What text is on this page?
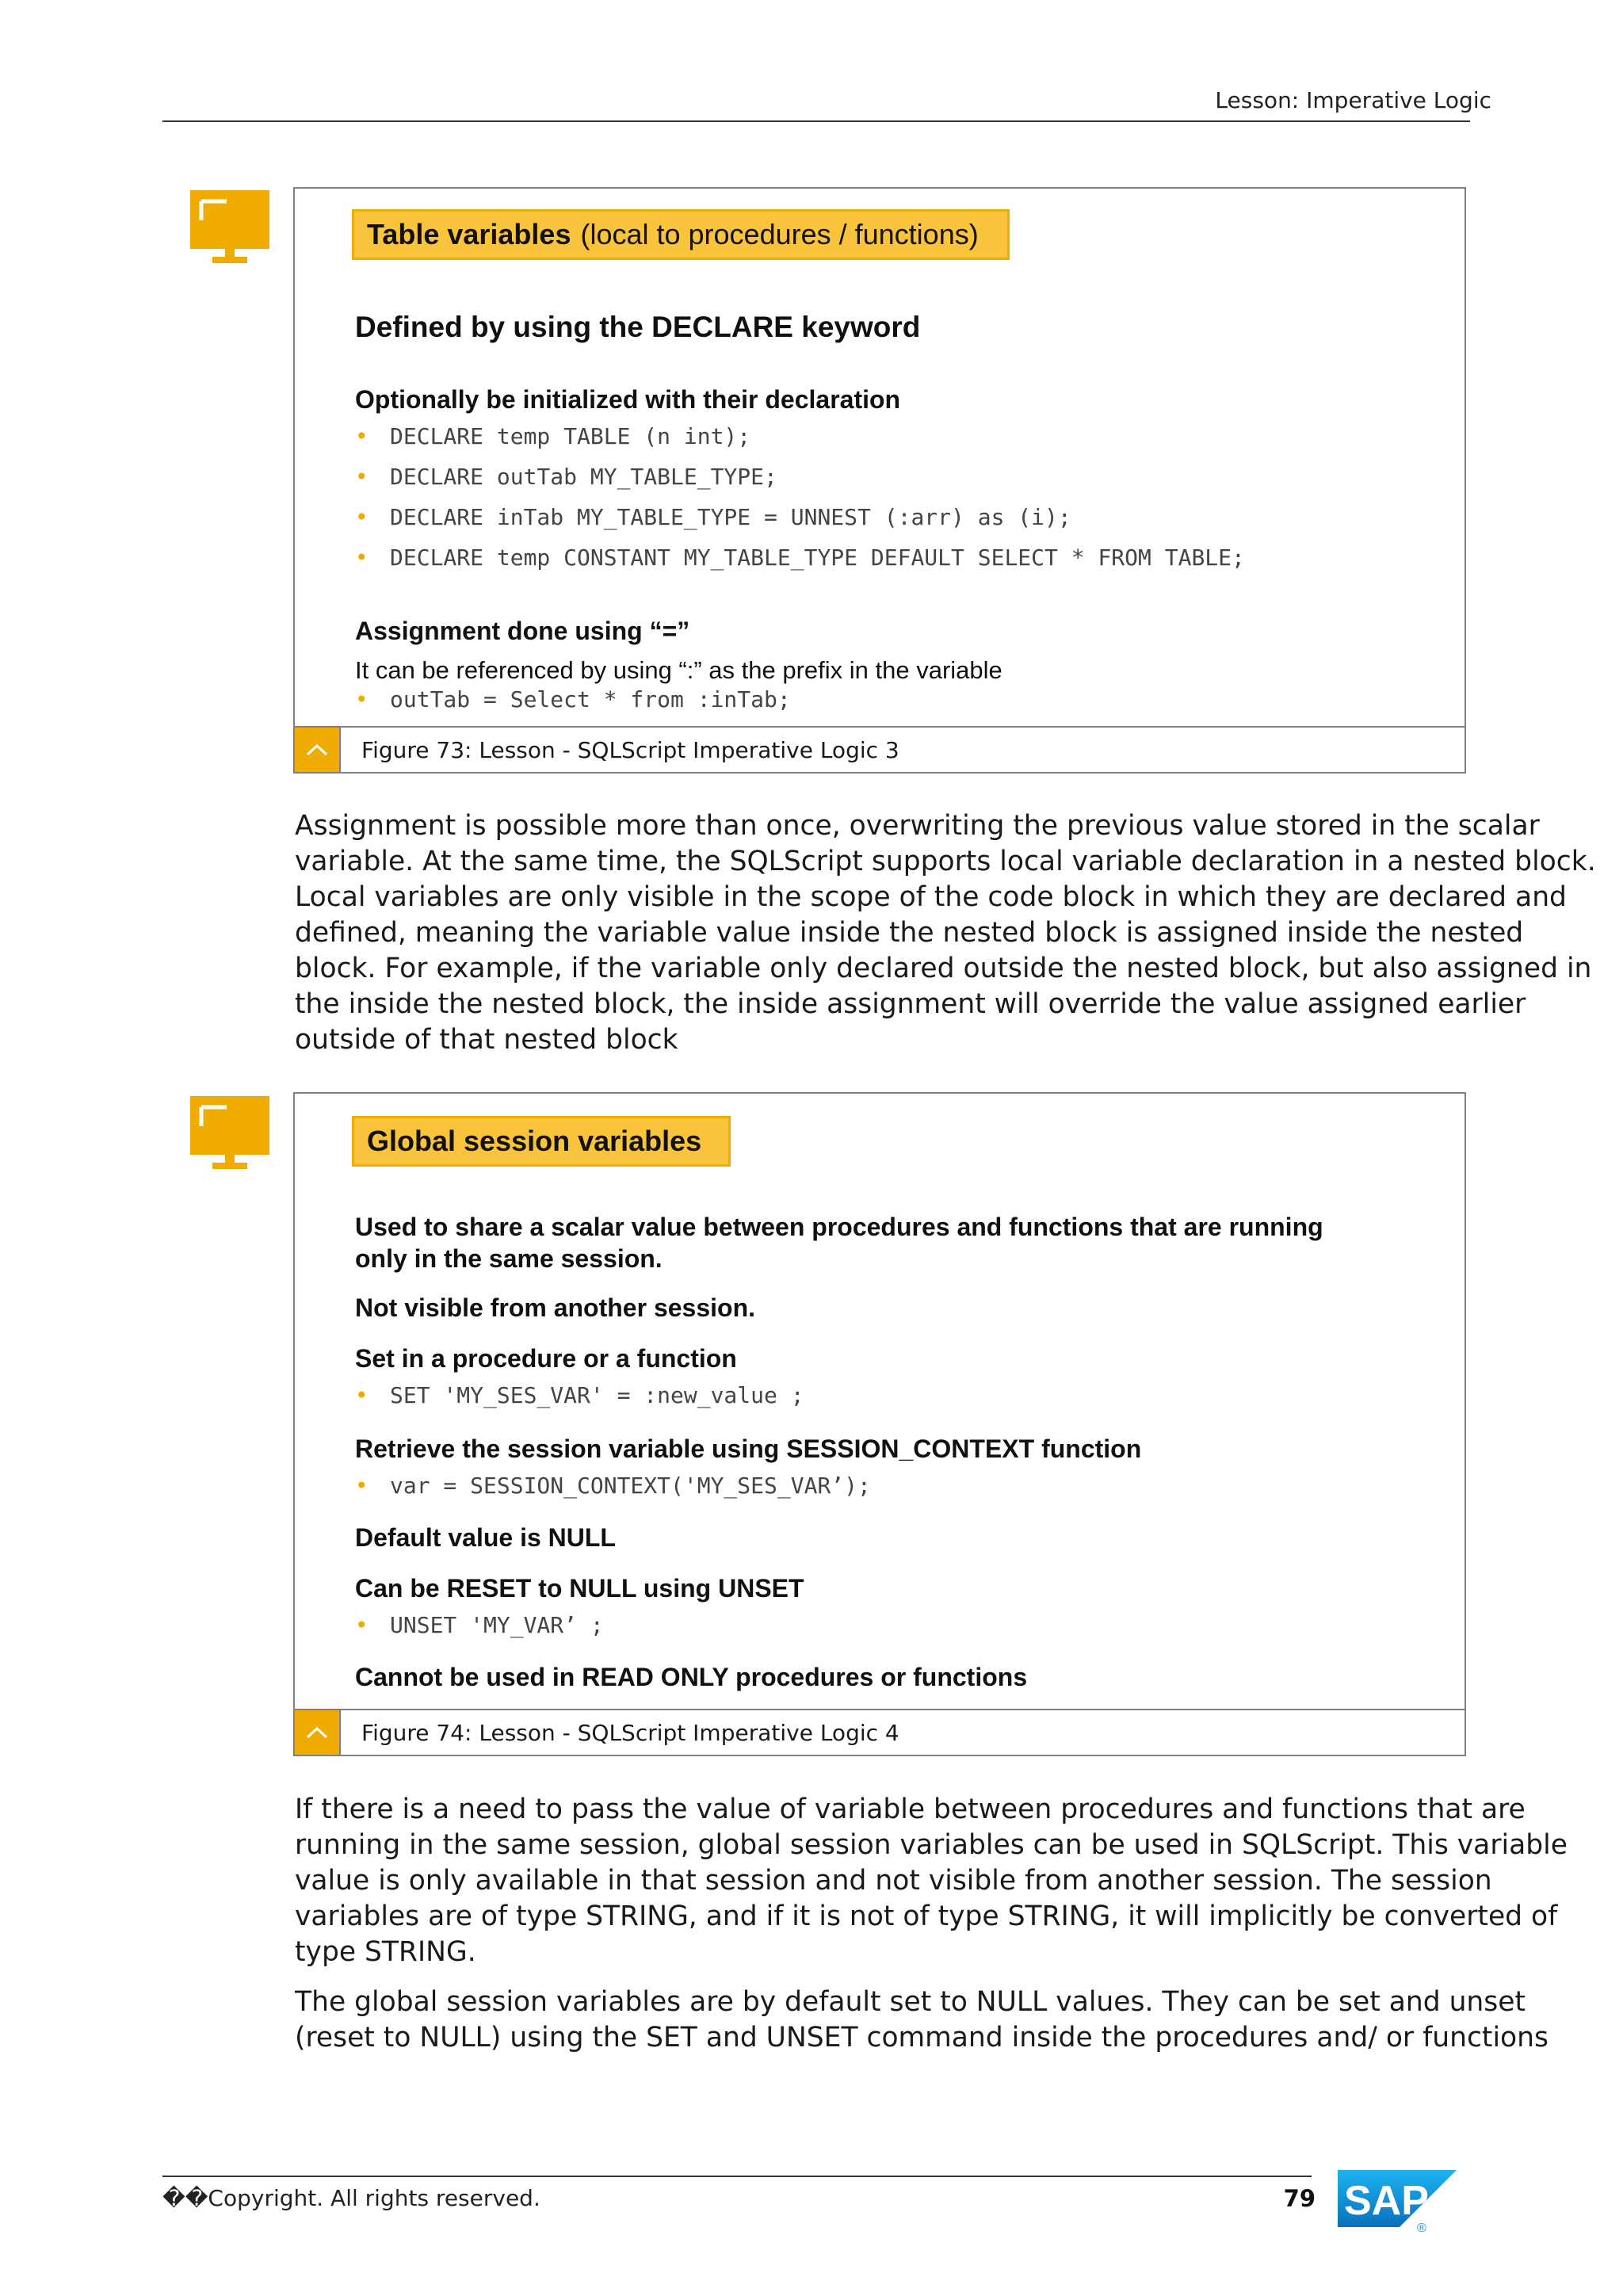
Lesson: Imperative Logic
Table variables (local to procedures / functions)
Defined by using the DECLARE keyword
Optionally be initialized with their declaration
• DECLARE temp TABLE (n int);
• DECLARE outTab MY_TABLE_TYPE;
• DECLARE inTab MY_TABLE_TYPE = UNNEST (:arr) as (i);
• DECLARE temp CONSTANT MY_TABLE_TYPE DEFAULT SELECT * FROM TABLE;
Assignment done using “=”
It can be referenced by using “:” as the prefix in the variable
• outTab = Select * from :inTab;
Figure 73: Lesson - SQLScript Imperative Logic 3

Assignment is possible more than once, overwriting the previous value stored in the scalar variable. At the same time, the SQLScript supports local variable declaration in a nested block. Local variables are only visible in the scope of the code block in which they are declared and defined, meaning the variable value inside the nested block is assigned inside the nested block. For example, if the variable only declared outside the nested block, but also assigned in the inside the nested block, the inside assignment will override the value assigned earlier outside of that nested block

Global session variables
Used to share a scalar value between procedures and functions that are running
only in the same session.
Not visible from another session.
Set in a procedure or a function
• SET 'MY_SES_VAR' = :new_value ;
Retrieve the session variable using SESSION_CONTEXT function
• var = SESSION_CONTEXT('MY_SES_VAR’);
Default value is NULL
Can be RESET to NULL using UNSET
• UNSET 'MY_VAR’ ;
Cannot be used in READ ONLY procedures or functions
Figure 74: Lesson - SQLScript Imperative Logic 4

If there is a need to pass the value of variable between procedures and functions that are running in the same session, global session variables can be used in SQLScript. This variable value is only available in that session and not visible from another session. The session variables are of type STRING, and if it is not of type STRING, it will implicitly be converted of type STRING.

The global session variables are by default set to NULL values. They can be set and unset (reset to NULL) using the SET and UNSET command inside the procedures and/ or functions

��Copyright. All rights reserved.	79 SAP
®
